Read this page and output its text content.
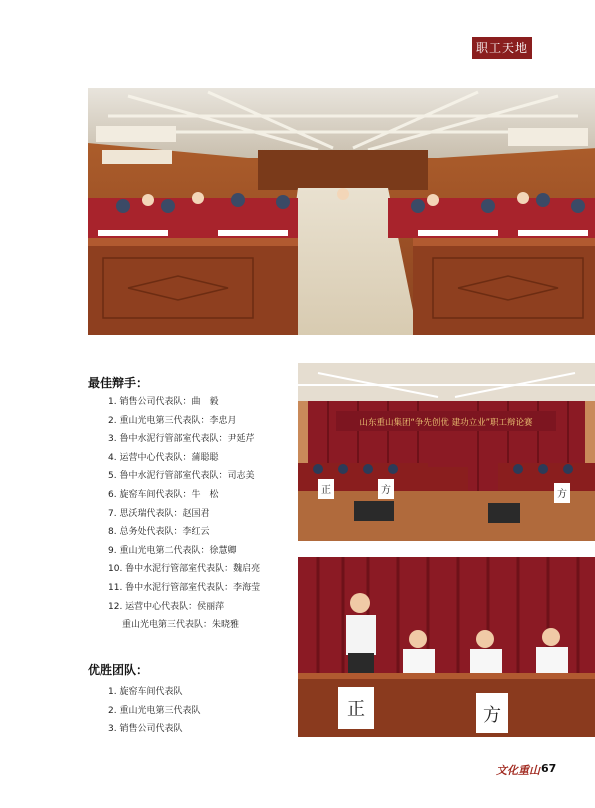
职工天地
最佳辩手：
1. 销售公司代表队：曲　毅
2. 重山光电第三代表队：李忠月
3. 鲁中水泥行管部室代表队：尹延芹
4. 运营中心代表队：蒲聪聪
5. 鲁中水泥行管部室代表队：司志美
6. 旋窑车间代表队：牛　松
7. 思沃瑞代表队：赵国君
8. 总务处代表队：李红云
9. 重山光电第二代表队：徐慧卿
10. 鲁中水泥行管部室代表队：魏启亮
11. 鲁中水泥行管部室代表队：李海莹
12. 运营中心代表队：侯丽萍
重山光电第三代表队：朱晓雅
优胜团队：
1. 旋窑车间代表队
2. 重山光电第三代表队
3. 销售公司代表队
山东重山集团“争先创优 建功立业”职工辩论赛
正	方	方
正	方
文化重山 67
